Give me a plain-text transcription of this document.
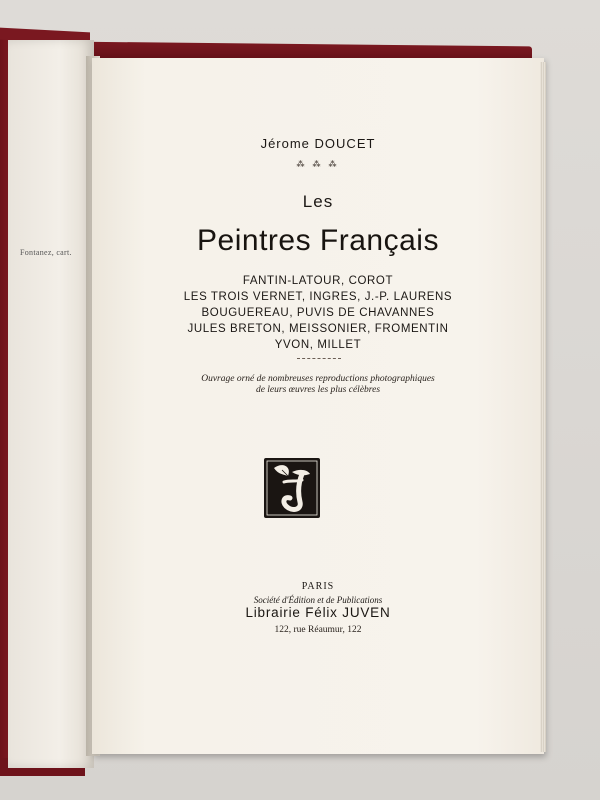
Fontanez, cart.
Jérome DOUCET
⁂ ⁂ ⁂
Les
Peintres Français
FANTIN-LATOUR, COROT
LES TROIS VERNET, INGRES, J.-P. LAURENS
BOUGUEREAU, PUVIS DE CHAVANNES
JULES BRETON, MEISSONIER, FROMENTIN
YVON, MILLET
Ouvrage orné de nombreuses reproductions photographiques
de leurs œuvres les plus célèbres
PARIS
Société d'Édition et de Publications
Librairie Félix JUVEN
122, rue Réaumur, 122
